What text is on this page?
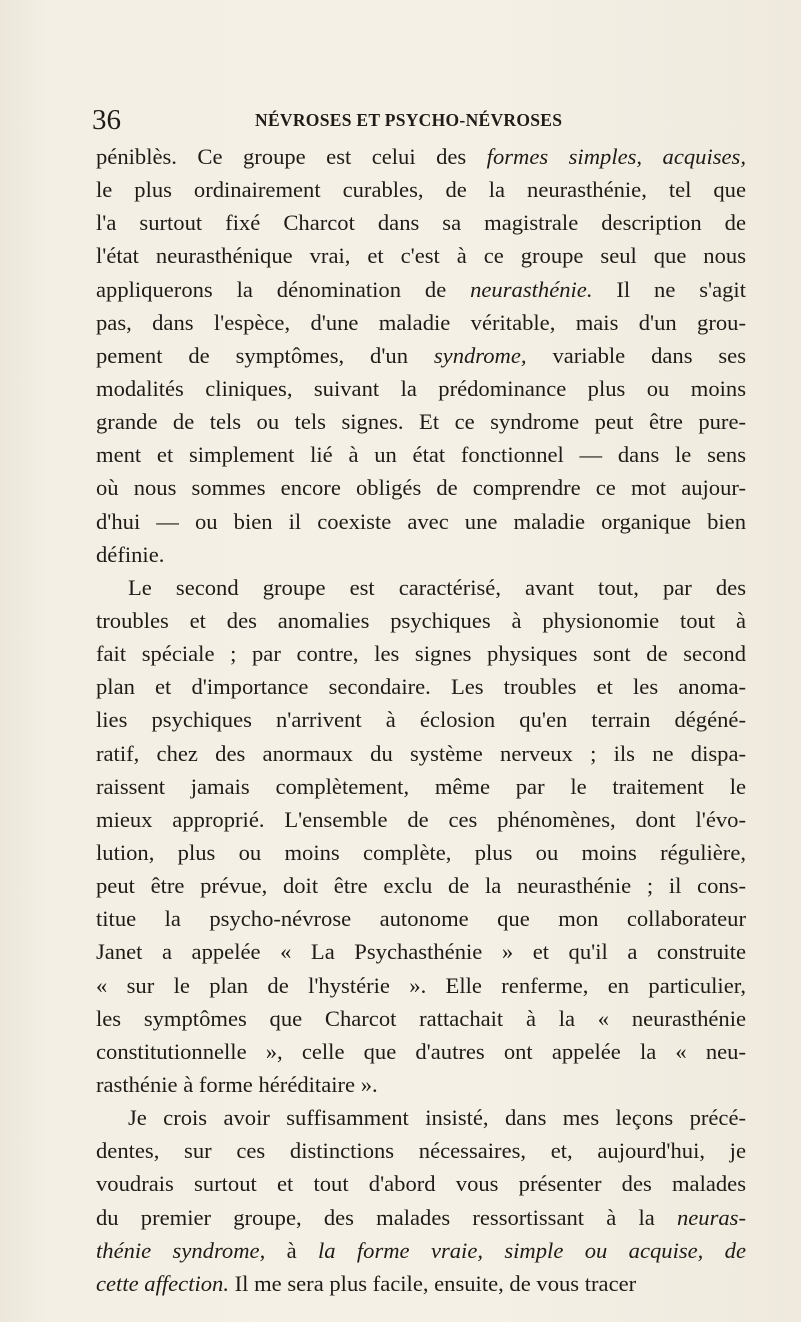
36	NÉVROSES ET PSYCHO-NÉVROSES
péniblès. Ce groupe est celui des formes simples, acquises,
le plus ordinairement curables, de la neurasthénie, tel que
l'a surtout fixé Charcot dans sa magistrale description de
l'état neurasthénique vrai, et c'est à ce groupe seul que nous
appliquerons la dénomination de neurasthénie. Il ne s'agit
pas, dans l'espèce, d'une maladie véritable, mais d'un grou-
pement de symptômes, d'un syndrome, variable dans ses
modalités cliniques, suivant la prédominance plus ou moins
grande de tels ou tels signes. Et ce syndrome peut être pure-
ment et simplement lié à un état fonctionnel — dans le sens
où nous sommes encore obligés de comprendre ce mot aujour-
d'hui — ou bien il coexiste avec une maladie organique bien
définie.
Le second groupe est caractérisé, avant tout, par des
troubles et des anomalies psychiques à physionomie tout à
fait spéciale ; par contre, les signes physiques sont de second
plan et d'importance secondaire. Les troubles et les anoma-
lies psychiques n'arrivent à éclosion qu'en terrain dégéné-
ratif, chez des anormaux du système nerveux ; ils ne dispa-
raissent jamais complètement, même par le traitement le
mieux approprié. L'ensemble de ces phénomènes, dont l'évo-
lution, plus ou moins complète, plus ou moins régulière,
peut être prévue, doit être exclu de la neurasthénie ; il cons-
titue la psycho-névrose autonome que mon collaborateur
Janet a appelée « La Psychasthénie » et qu'il a construite
« sur le plan de l'hystérie ». Elle renferme, en particulier,
les symptômes que Charcot rattachait à la « neurasthénie
constitutionnelle », celle que d'autres ont appelée la « neu-
rasthénie à forme héréditaire ».
Je crois avoir suffisamment insisté, dans mes leçons précé-
dentes, sur ces distinctions nécessaires, et, aujourd'hui, je
voudrais surtout et tout d'abord vous présenter des malades
du premier groupe, des malades ressortissant à la neuras-
thénie syndrome, à la forme vraie, simple ou acquise, de
cette affection. Il me sera plus facile, ensuite, de vous tracer
